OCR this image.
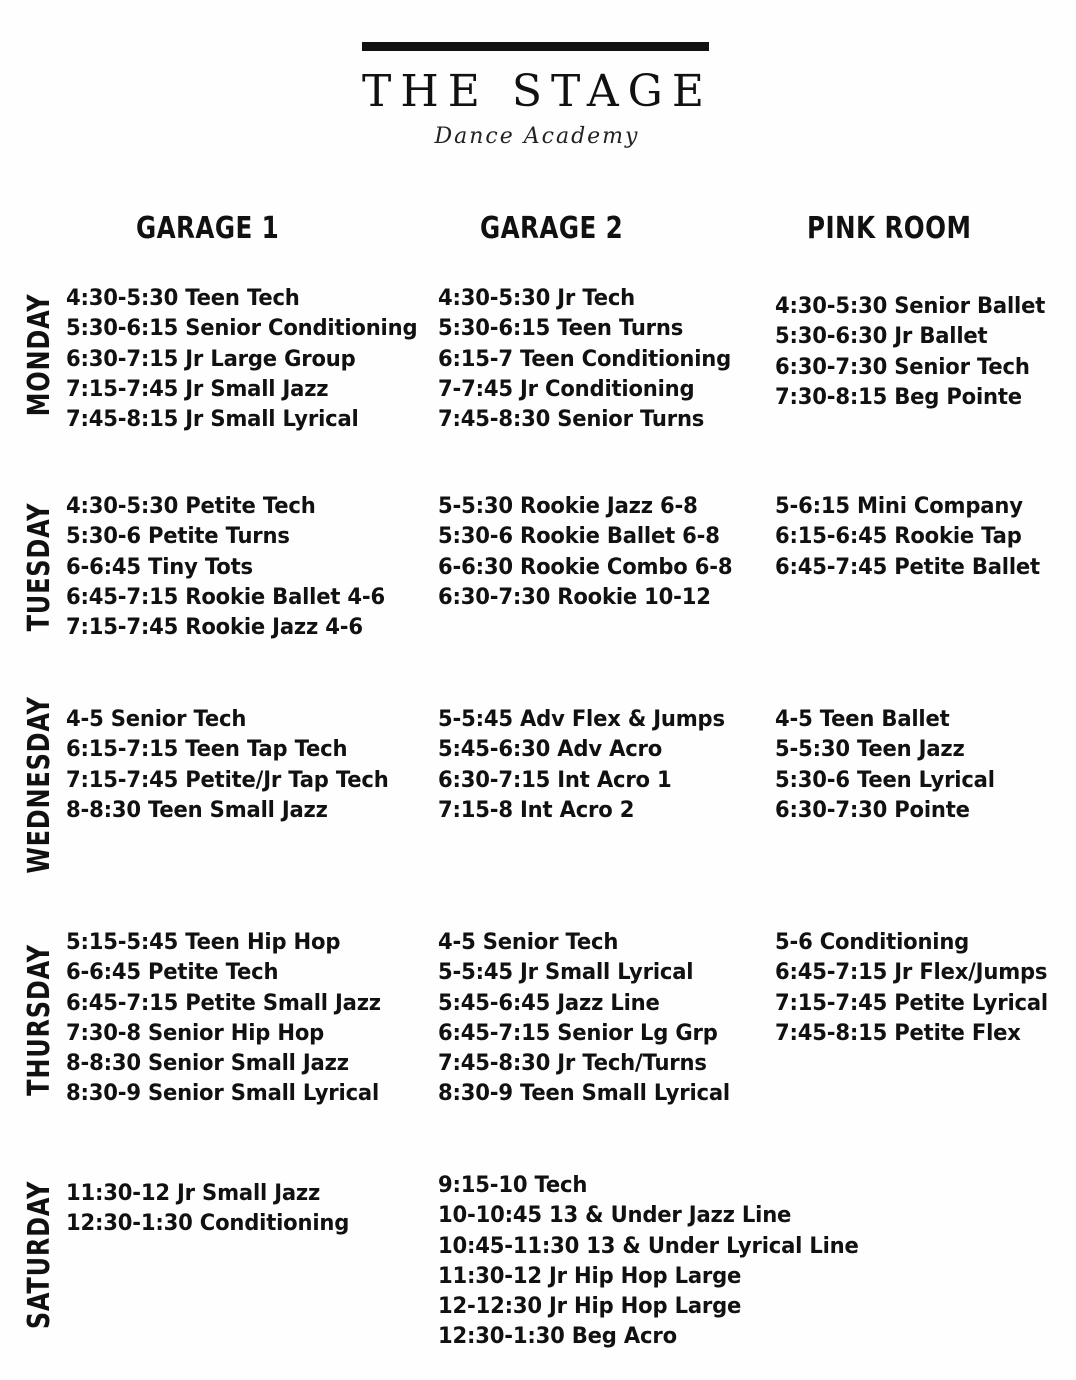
THE STAGE
Dance Academy
GARAGE 1	GARAGE 2	PINK ROOM
MONDAY 4:30-5:30 Teen Tech
5:30-6:15 Senior Conditioning
6:30-7:15 Jr Large Group
7:15-7:45 Jr Small Jazz
7:45-8:15 Jr Small Lyrical
4:30-5:30 Jr Tech
5:30-6:15 Teen Turns
6:15-7 Teen Conditioning
7-7:45 Jr Conditioning
7:45-8:30 Senior Turns
4:30-5:30 Senior Ballet
5:30-6:30 Jr Ballet
6:30-7:30 Senior Tech
7:30-8:15 Beg Pointe
TUESDAY 4:30-5:30 Petite Tech
5:30-6 Petite Turns
6-6:45 Tiny Tots
6:45-7:15 Rookie Ballet 4-6
7:15-7:45 Rookie Jazz 4-6
5-5:30 Rookie Jazz 6-8
5:30-6 Rookie Ballet 6-8
6-6:30 Rookie Combo 6-8
6:30-7:30 Rookie 10-12
5-6:15 Mini Company
6:15-6:45 Rookie Tap
6:45-7:45 Petite Ballet
WEDNESDAY 4-5 Senior Tech
6:15-7:15 Teen Tap Tech
7:15-7:45 Petite/Jr Tap Tech
8-8:30 Teen Small Jazz
5-5:45 Adv Flex & Jumps
5:45-6:30 Adv Acro
6:30-7:15 Int Acro 1
7:15-8 Int Acro 2
4-5 Teen Ballet
5-5:30 Teen Jazz
5:30-6 Teen Lyrical
6:30-7:30 Pointe
THURSDAY
5:15-5:45 Teen Hip Hop
6-6:45 Petite Tech
6:45-7:15 Petite Small Jazz
7:30-8 Senior Hip Hop
8-8:30 Senior Small Jazz
8:30-9 Senior Small Lyrical
4-5 Senior Tech
5-5:45 Jr Small Lyrical
5:45-6:45 Jazz Line
6:45-7:15 Senior Lg Grp
7:45-8:30 Jr Tech/Turns
8:30-9 Teen Small Lyrical
5-6 Conditioning
6:45-7:15 Jr Flex/Jumps
7:15-7:45 Petite Lyrical
7:45-8:15 Petite Flex
SATURDAY 11:30-12 Jr Small Jazz
12:30-1:30 Conditioning
9:15-10 Tech
10-10:45 13 & Under Jazz Line
10:45-11:30 13 & Under Lyrical Line
11:30-12 Jr Hip Hop Large
12-12:30 Jr Hip Hop Large
12:30-1:30 Beg Acro
